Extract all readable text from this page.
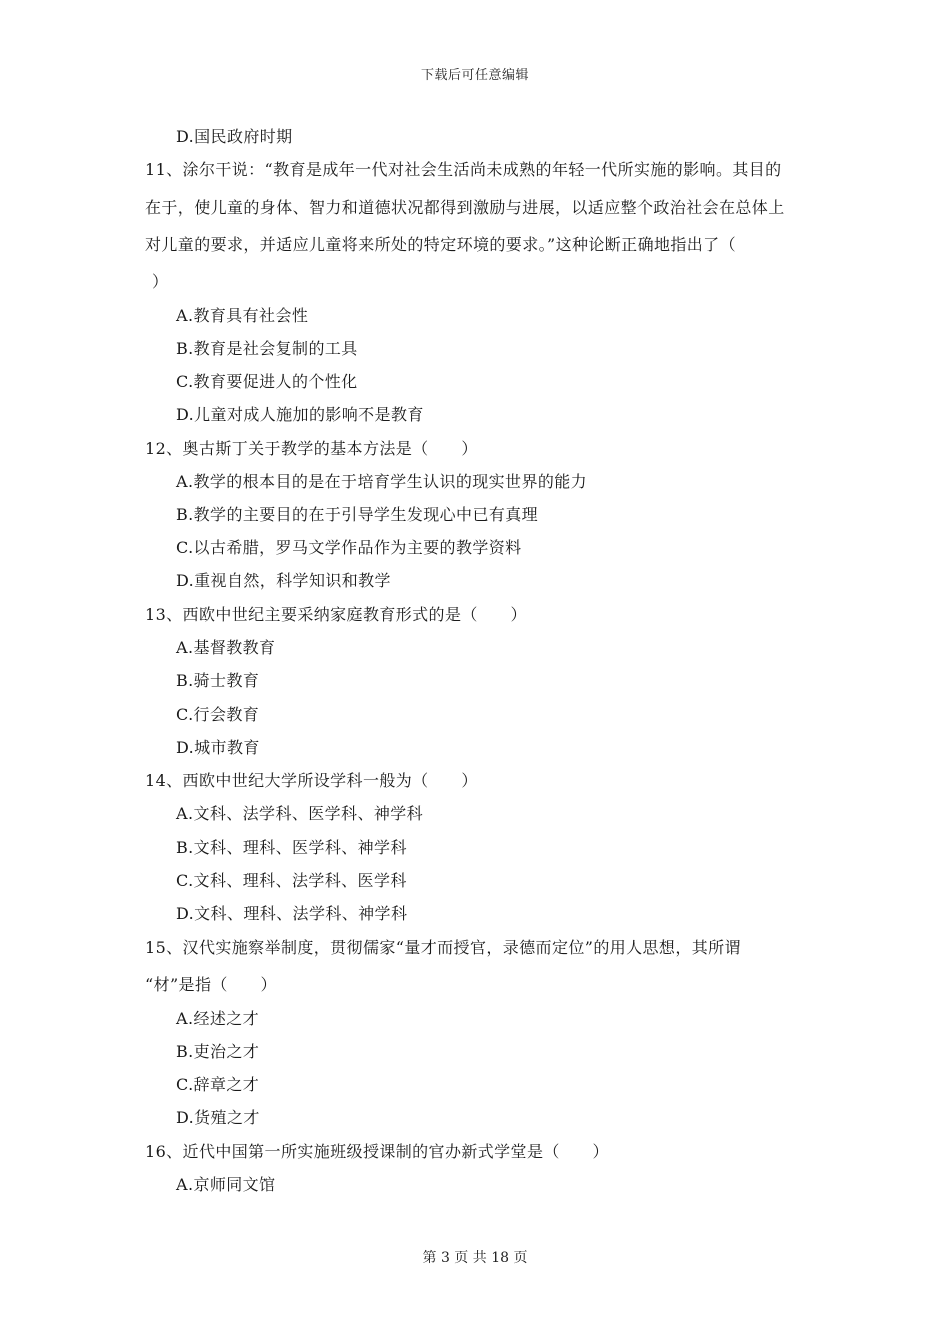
下载后可任意编辑
D.国民政府时期
11、涂尔干说：“教育是成年一代对社会生活尚未成熟的年轻一代所实施的影响。其目的
在于，使儿童的身体、智力和道德状况都得到激励与进展，以适应整个政治社会在总体上
对儿童的要求，并适应儿童将来所处的特定环境的要求。”这种论断正确地指出了（
）
A.教育具有社会性
B.教育是社会复制的工具
C.教育要促进人的个性化
D.儿童对成人施加的影响不是教育
12、奥古斯丁关于教学的基本方法是（　　）
A.教学的根本目的是在于培育学生认识的现实世界的能力
B.教学的主要目的在于引导学生发现心中已有真理
C.以古希腊，罗马文学作品作为主要的教学资料
D.重视自然，科学知识和教学
13、西欧中世纪主要采纳家庭教育形式的是（　　）
A.基督教教育
B.骑士教育
C.行会教育
D.城市教育
14、西欧中世纪大学所设学科一般为（　　）
A.文科、法学科、医学科、神学科
B.文科、理科、医学科、神学科
C.文科、理科、法学科、医学科
D.文科、理科、法学科、神学科
15、汉代实施察举制度，贯彻儒家“量才而授官，录德而定位”的用人思想，其所谓
“材”是指（　　）
A.经述之才
B.吏治之才
C.辞章之才
D.货殖之才
16、近代中国第一所实施班级授课制的官办新式学堂是（　　）
A.京师同文馆
第 3 页 共 18 页
